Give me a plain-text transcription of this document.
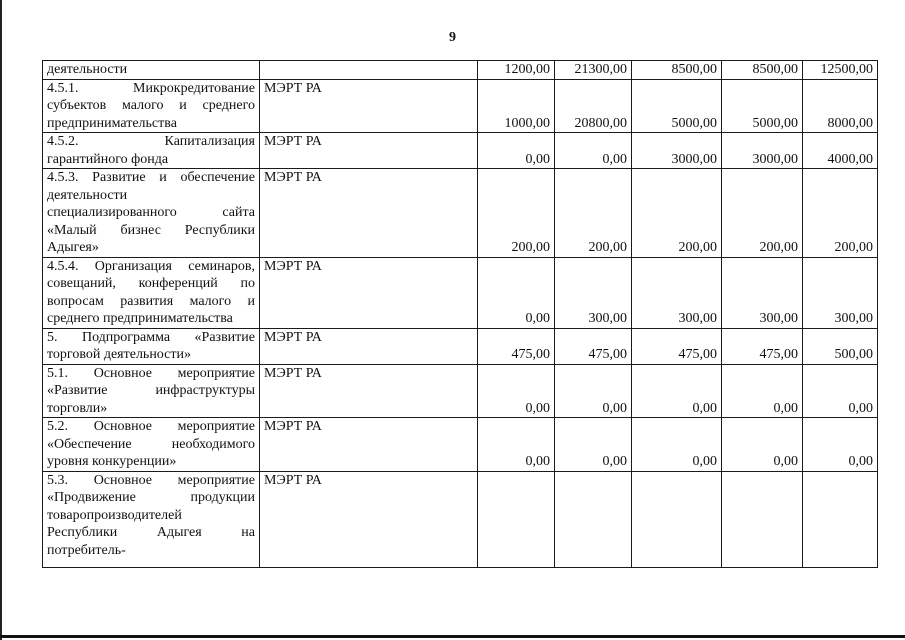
9
деятельности		1200,00	21300,00	8500,00	8500,00	12500,00
4.5.1. Микрокредитование субъектов малого и среднего предпринимательства	МЭРТ РА	1000,00	20800,00	5000,00	5000,00	8000,00
4.5.2. Капитализация гарантийного фонда	МЭРТ РА	0,00	0,00	3000,00	3000,00	4000,00
4.5.3. Развитие и обеспечение деятельности специализированного сайта «Малый бизнес Республики Адыгея»	МЭРТ РА	200,00	200,00	200,00	200,00	200,00
4.5.4. Организация семинаров, совещаний, конференций по вопросам развития малого и среднего предпринимательства	МЭРТ РА	0,00	300,00	300,00	300,00	300,00
5. Подпрограмма «Развитие торговой деятельности»	МЭРТ РА	475,00	475,00	475,00	475,00	500,00
5.1. Основное мероприятие «Развитие инфраструктуры торговли»	МЭРТ РА	0,00	0,00	0,00	0,00	0,00
5.2. Основное мероприятие «Обеспечение необходимого уровня конкуренции»	МЭРТ РА	0,00	0,00	0,00	0,00	0,00
5.3. Основное мероприятие «Продвижение продукции товаропроизводителей Республики Адыгея на потребитель-	МЭРТ РА					
